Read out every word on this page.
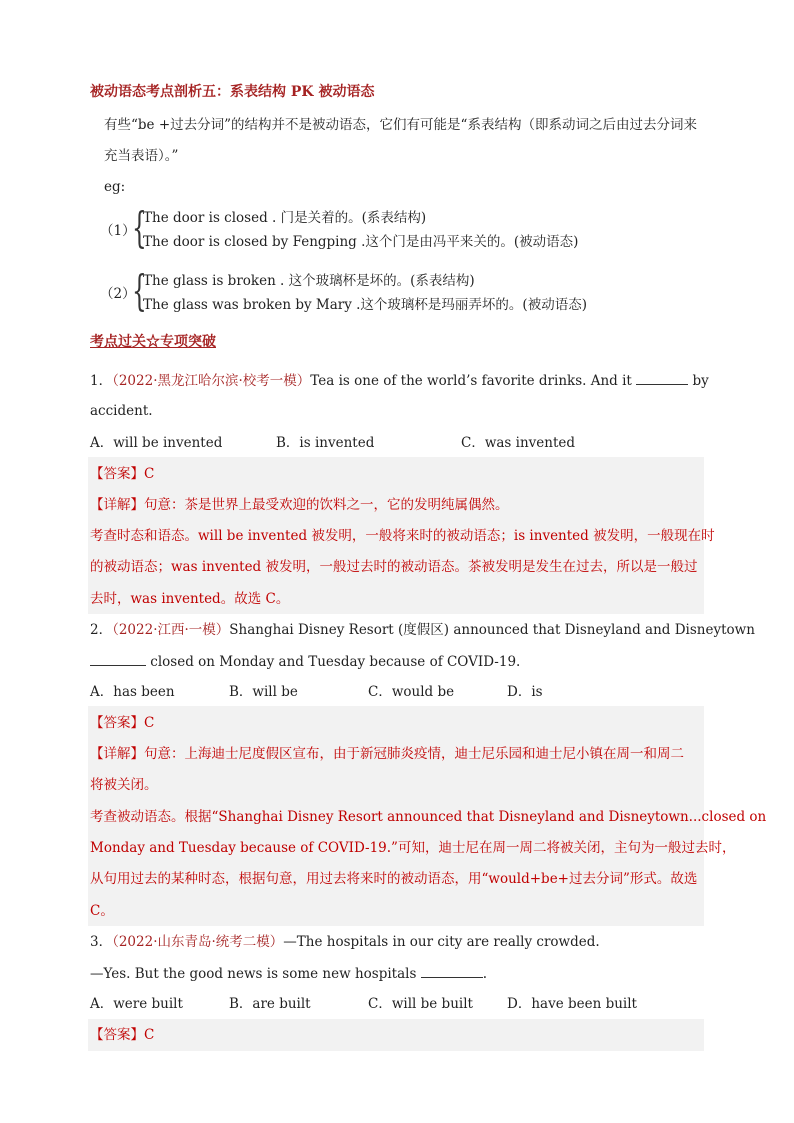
被动语态考点剖析五：系表结构 PK 被动语态
有些“be +过去分词”的结构并不是被动语态，它们有可能是“系表结构（即系动词之后由过去分词来
充当表语）。”
eg:
（1）
{
The door is closed . 门是关着的。(系表结构)
The door is closed by Fengping .这个门是由冯平来关的。(被动语态)
（2）
{
The glass is broken . 这个玻璃杯是坏的。(系表结构)
The glass was broken by Mary .这个玻璃杯是玛丽弄坏的。(被动语态)
考点过关☆专项突破
1．（2022·黑龙江哈尔滨·校考一模）Tea is one of the world’s favorite drinks. And it	by
accident.
A．will be invented	B．is invented	C．was invented
【答案】C
【详解】句意：茶是世界上最受欢迎的饮料之一，它的发明纯属偶然。
考查时态和语态。will be invented 被发明，一般将来时的被动语态；is invented 被发明，一般现在时
的被动语态；was invented 被发明，一般过去时的被动语态。茶被发明是发生在过去，所以是一般过
去时，was invented。故选 C。
2．（2022·江西·一模）Shanghai Disney Resort (度假区) announced that Disneyland and Disneytown
closed on Monday and Tuesday because of COVID-19.
A．has been	B．will be	C．would be	D．is
【答案】C
【详解】句意：上海迪士尼度假区宣布，由于新冠肺炎疫情，迪士尼乐园和迪士尼小镇在周一和周二
将被关闭。
考查被动语态。根据“Shanghai Disney Resort announced that Disneyland and Disneytown...closed on
Monday and Tuesday because of COVID-19.”可知，迪士尼在周一周二将被关闭，主句为一般过去时，
从句用过去的某种时态，根据句意，用过去将来时的被动语态，用“would+be+过去分词”形式。故选
C。
3．（2022·山东青岛·统考二模）—The hospitals in our city are really crowded.
—Yes. But the good news is some new hospitals	.
A．were built	B．are built	C．will be built	D．have been built
【答案】C
